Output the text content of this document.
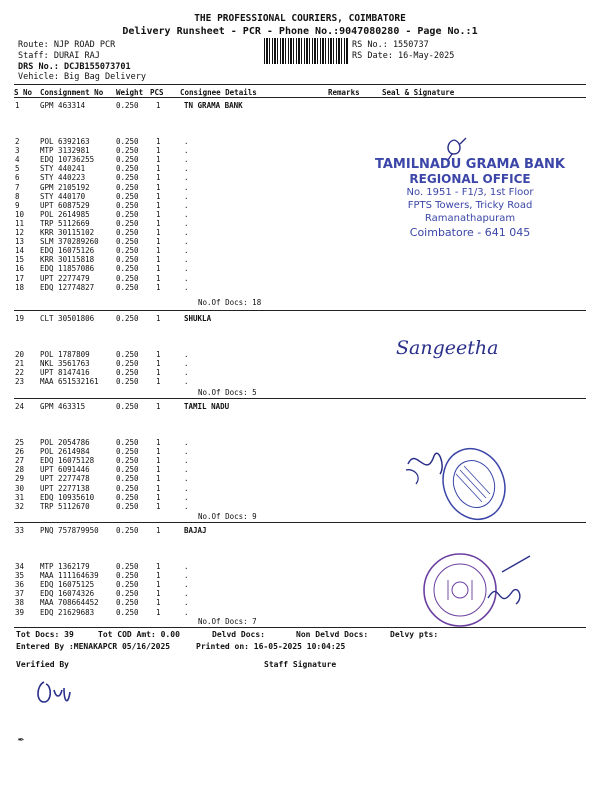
THE PROFESSIONAL COURIERS, COIMBATORE
Delivery Runsheet - PCR - Phone No.:9047080280 - Page No.:1
Route: NJP ROAD PCR
Staff: DURAI RAJ
DRS No.: DCJB155073701
Vehicle: Big Bag Delivery
RS No.: 1550737
RS Date: 16-May-2025
S No Consignment No Weight PCS Consignee Details	Remarks	Seal & Signature
1	GPM 463314	0.250 1	TN GRAMA BANK
2	POL 6392163	0.250 1	.
3	MTP 3132981	0.250 1	.
4	EDQ 10736255	0.250 1	.
5	STY 440241	0.250 1	.
6	STY 440223	0.250 1	.
7	GPM 2105192	0.250 1	.
8	STY 440170	0.250 1	.
9	UPT 6087529	0.250 1	.
10 POL 2614985	0.250 1	.
11 TRP 5112669	0.250 1	.
12 KRR 30115102	0.250 1	.
13 SLM 370289260 0.250 1	.
14 EDQ 16075126	0.250 1	.
15 KRR 30115818	0.250 1	.
16 EDQ 11857086	0.250 1	.
17 UPT 2277479	0.250 1	.
18 EDQ 12774827	0.250 1	.
No.Of Docs: 18
19 CLT 30501806	0.250 1	SHUKLA
20 POL 1787809	0.250 1	.
21 NKL 3561763	0.250 1	.
22 UPT 8147416	0.250 1	.
23 MAA 651532161 0.250 1	.
No.Of Docs: 5
24 GPM 463315	0.250 1	TAMIL NADU
25 POL 2054786	0.250 1	.
26 POL 2614984	0.250 1	.
27 EDQ 16075128	0.250 1	.
28 UPT 6091446	0.250 1	.
29 UPT 2277478	0.250 1	.
30 UPT 2277138	0.250 1	.
31 EDQ 10935610	0.250 1	.
32 TRP 5112670	0.250 1	.
No.Of Docs: 9
33 PNQ 757879950 0.250 1	BAJAJ
34 MTP 1362179	0.250 1	.
35 MAA 111164639 0.250 1	.
36 EDQ 16075125	0.250 1	.
37 EDQ 16074326	0.250 1	.
38 MAA 708664452 0.250 1	.
39 EDQ 21629683	0.250 1	.
No.Of Docs: 7
Tot Docs: 39	Tot COD Amt: 0.00	Delvd Docs:	Non Delvd Docs:	Delvy pts:
Entered By :MENAKAPCR 05/16/2025	Printed on: 16-05-2025 10:04:25
Verified By	Staff Signature
TAMILNADU GRAMA BANK
REGIONAL OFFICE
No. 1951 - F1/3, 1st Floor
FPTS Towers, Tricky Road
Ramanathapuram
Coimbatore - 641 045
Sangeetha
✒
